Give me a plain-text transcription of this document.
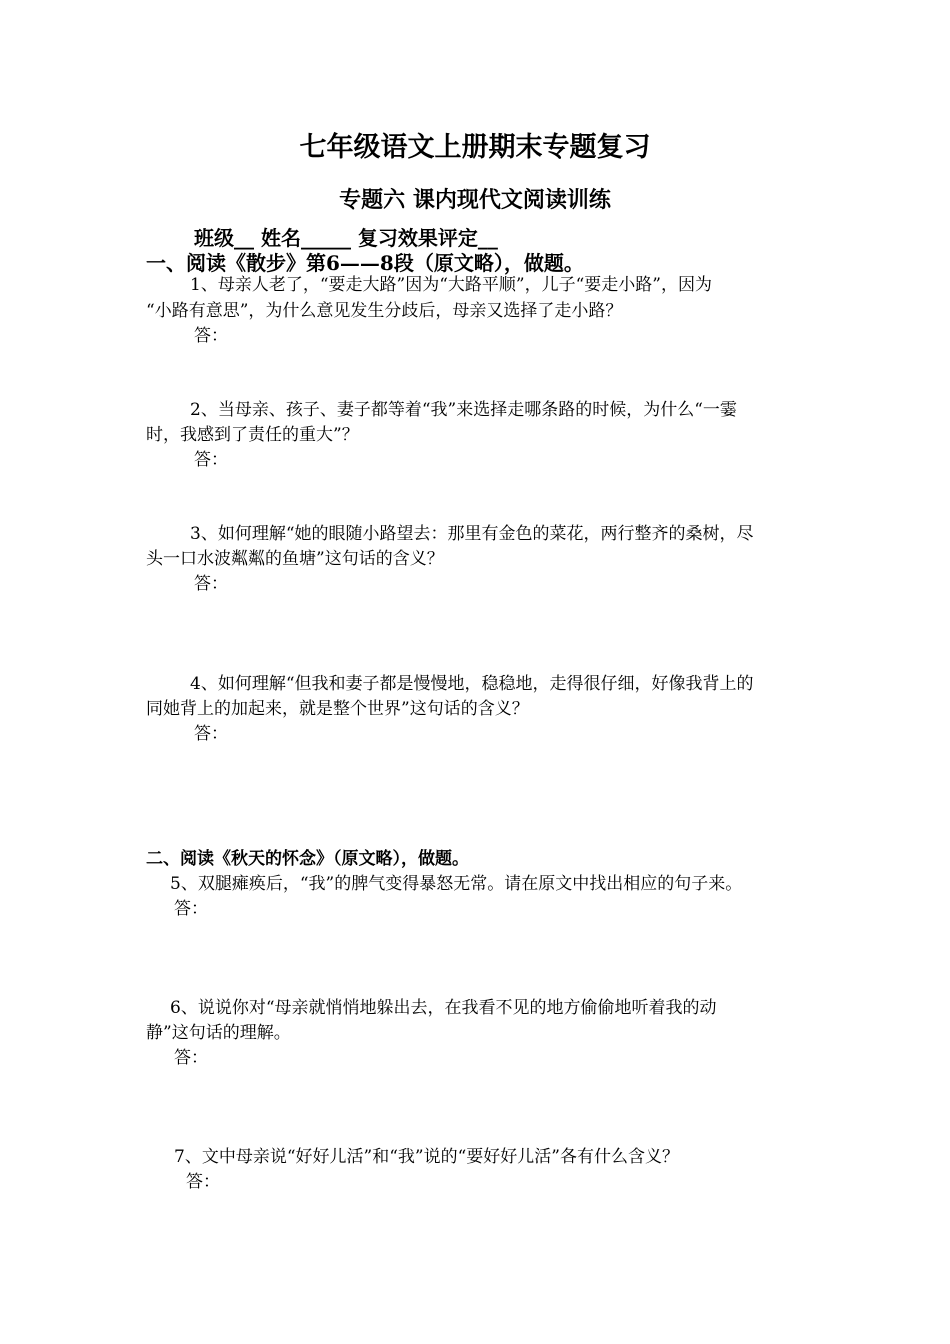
七年级语文上册期末专题复习
专题六 课内现代文阅读训练
班级__ 姓名_____ 复习效果评定__
一、阅读《散步》第6——8段（原文略），做题。
1、母亲人老了，“要走大路”因为“大路平顺”，儿子“要走小路”，因为
“小路有意思”，为什么意见发生分歧后，母亲又选择了走小路？
答：
2、当母亲、孩子、妻子都等着“我”来选择走哪条路的时候，为什么“一霎
时，我感到了责任的重大”？
答：
3、如何理解“她的眼随小路望去：那里有金色的菜花，两行整齐的桑树，尽
头一口水波粼粼的鱼塘”这句话的含义？
答：
4、如何理解“但我和妻子都是慢慢地，稳稳地，走得很仔细，好像我背上的
同她背上的加起来，就是整个世界”这句话的含义？
答：
二、阅读《秋天的怀念》（原文略），做题。
5、双腿瘫痪后，“我”的脾气变得暴怒无常。请在原文中找出相应的句子来。
答：
6、说说你对“母亲就悄悄地躲出去，在我看不见的地方偷偷地听着我的动
静”这句话的理解。
答：
7、文中母亲说“好好儿活”和“我”说的“要好好儿活”各有什么含义？
答：
